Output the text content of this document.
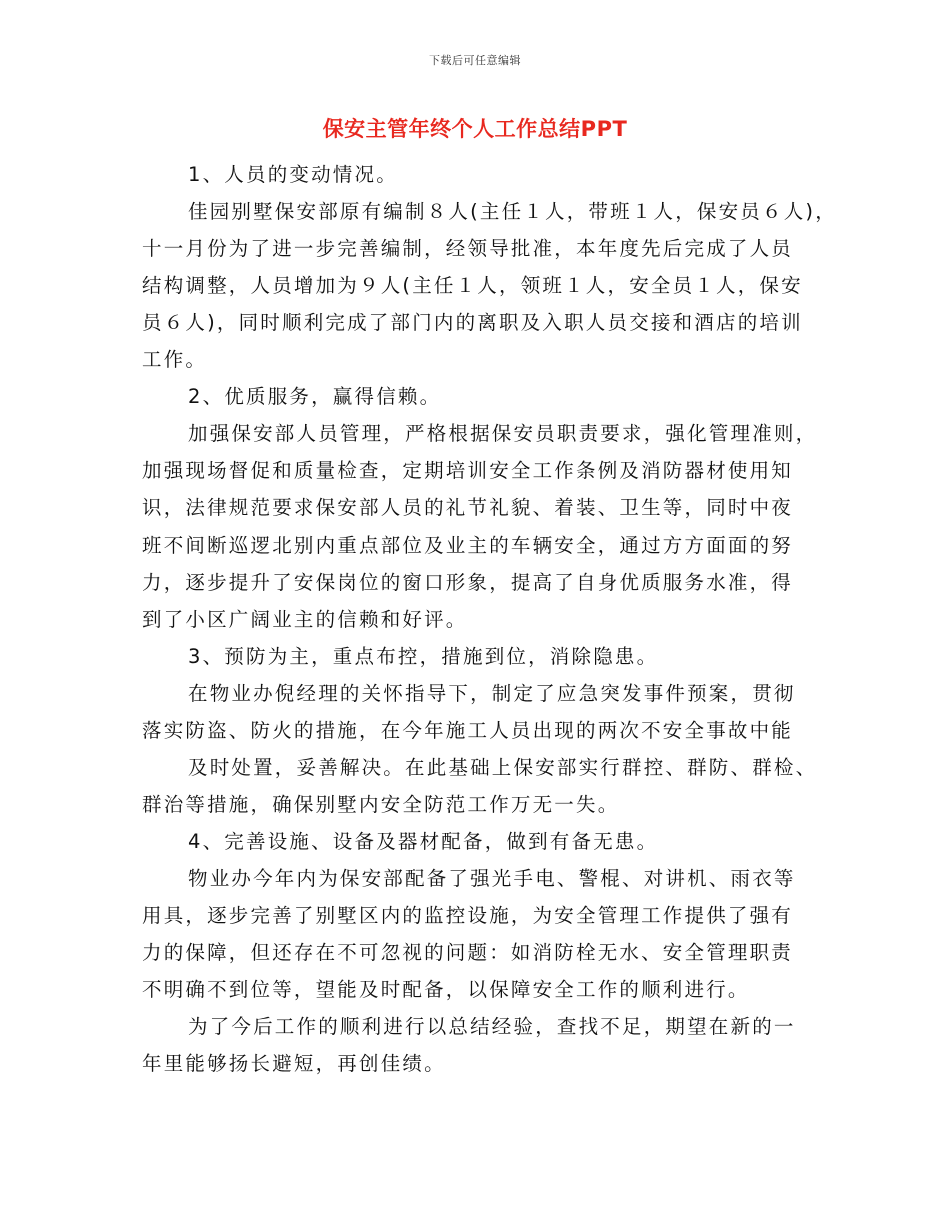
下载后可任意编辑
保安主管年终个人工作总结PPT
1、人员的变动情况。
佳园别墅保安部原有编制８人(主任１人，带班１人，保安员６人)，
十一月份为了进一步完善编制，经领导批准，本年度先后完成了人员
结构调整，人员增加为９人(主任１人，领班１人，安全员１人，保安
员６人)，同时顺利完成了部门内的离职及入职人员交接和酒店的培训
工作。
2、优质服务，赢得信赖。
加强保安部人员管理，严格根据保安员职责要求，强化管理准则，
加强现场督促和质量检查，定期培训安全工作条例及消防器材使用知
识，法律规范要求保安部人员的礼节礼貌、着装、卫生等，同时中夜
班不间断巡逻北别内重点部位及业主的车辆安全，通过方方面面的努
力，逐步提升了安保岗位的窗口形象，提高了自身优质服务水准，得
到了小区广阔业主的信赖和好评。
3、预防为主，重点布控，措施到位，消除隐患。
在物业办倪经理的关怀指导下，制定了应急突发事件预案，贯彻
落实防盗、防火的措施，在今年施工人员出现的两次不安全事故中能
及时处置，妥善解决。在此基础上保安部实行群控、群防、群检、
群治等措施，确保别墅内安全防范工作万无一失。
4、完善设施、设备及器材配备，做到有备无患。
物业办今年内为保安部配备了强光手电、警棍、对讲机、雨衣等
用具，逐步完善了别墅区内的监控设施，为安全管理工作提供了强有
力的保障，但还存在不可忽视的问题：如消防栓无水、安全管理职责
不明确不到位等，望能及时配备，以保障安全工作的顺利进行。
为了今后工作的顺利进行以总结经验，查找不足，期望在新的一
年里能够扬长避短，再创佳绩。
